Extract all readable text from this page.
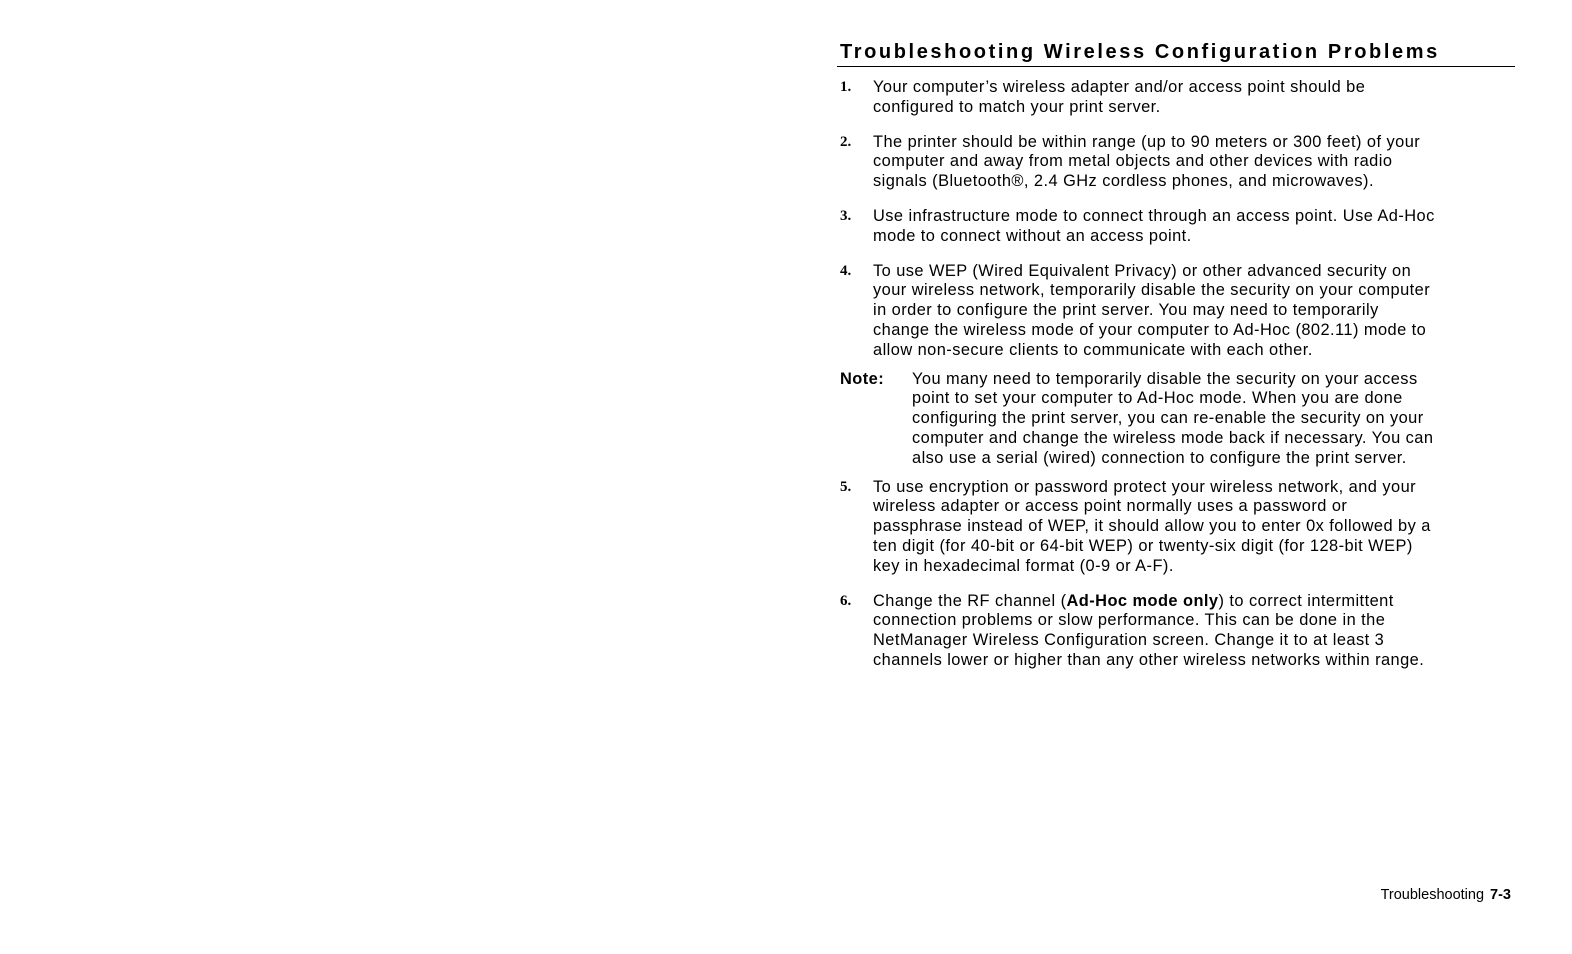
Troubleshooting Wireless Configuration Problems
1. Your computer’s wireless adapter and/or access point should be
configured to match your print server.
2. The printer should be within range (up to 90 meters or 300 feet) of your
computer and away from metal objects and other devices with radio
signals (Bluetooth®, 2.4 GHz cordless phones, and microwaves).
3. Use infrastructure mode to connect through an access point. Use Ad-Hoc
mode to connect without an access point.
4. To use WEP (Wired Equivalent Privacy) or other advanced security on
your wireless network, temporarily disable the security on your computer
in order to configure the print server. You may need to temporarily
change the wireless mode of your computer to Ad-Hoc (802.11) mode to
allow non-secure clients to communicate with each other.
Note: You many need to temporarily disable the security on your access
point to set your computer to Ad-Hoc mode. When you are done
configuring the print server, you can re-enable the security on your
computer and change the wireless mode back if necessary. You can
also use a serial (wired) connection to configure the print server.
5. To use encryption or password protect your wireless network, and your
wireless adapter or access point normally uses a password or
passphrase instead of WEP, it should allow you to enter 0x followed by a
ten digit (for 40-bit or 64-bit WEP) or twenty-six digit (for 128-bit WEP)
key in hexadecimal format (0-9 or A-F).
6. Change the RF channel (Ad-Hoc mode only) to correct intermittent
connection problems or slow performance. This can be done in the
NetManager Wireless Configuration screen. Change it to at least 3
channels lower or higher than any other wireless networks within range.
Troubleshooting 7-3
